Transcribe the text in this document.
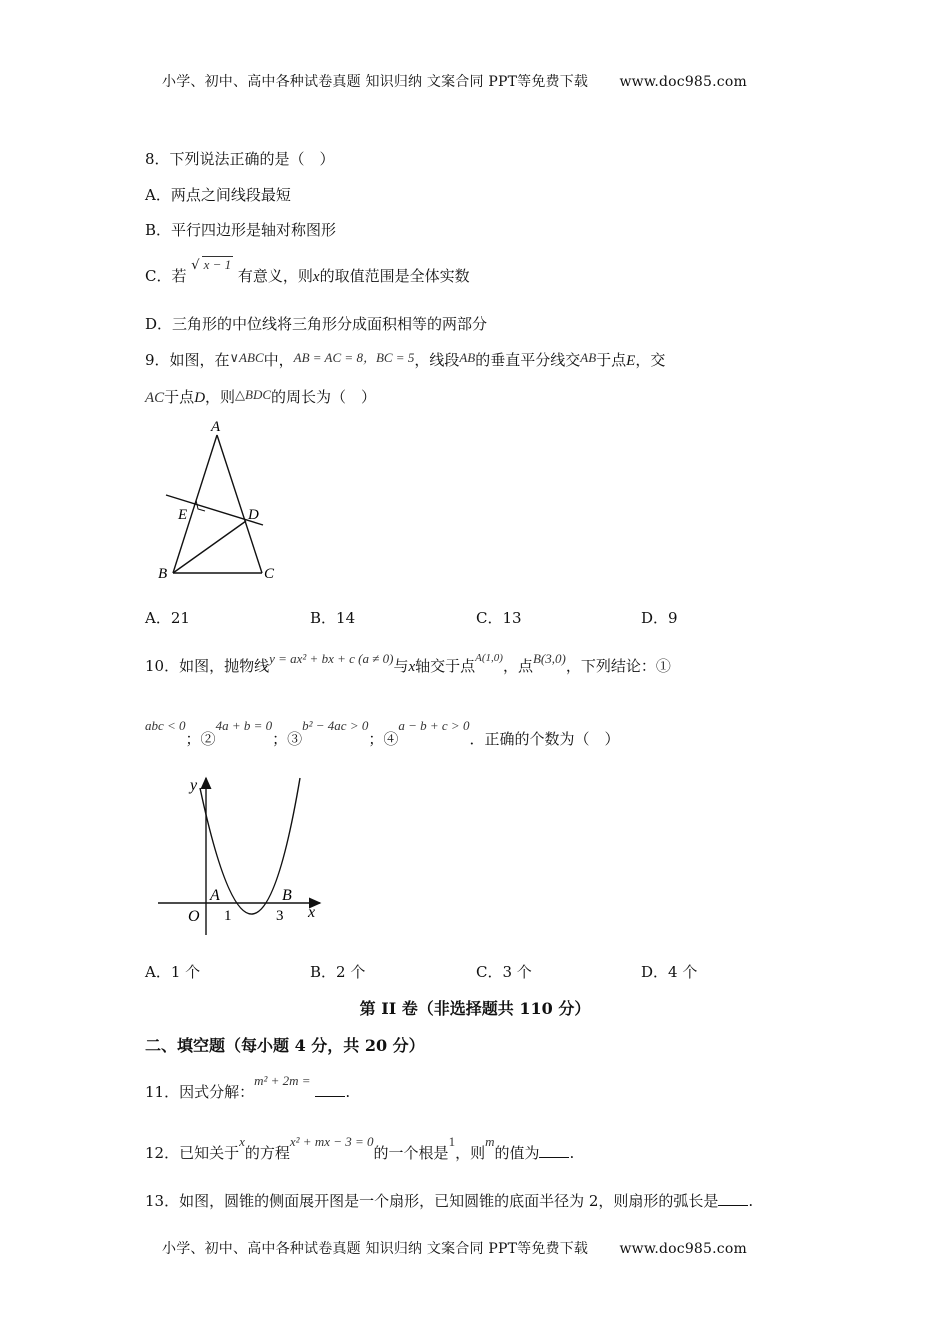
小学、初中、高中各种试卷真题 知识归纳 文案合同 PPT等免费下载 www.doc985.com
8．下列说法正确的是（　）
A．两点之间线段最短
B．平行四边形是轴对称图形
C．若 √ x − 1 有意义，则x的取值范围是全体实数
D．三角形的中位线将三角形分成面积相等的两部分
9．如图，在∨ABC中，AB = AC = 8，BC = 5，线段AB的垂直平分线交AB于点E，交
AC于点D，则△BDC的周长为（　）
A
B	C
D
E
A．21	B．14	C．13	D．9
10．如图，抛物线y = ax² + bx + c (a ≠ 0)与x轴交于点$^{A(1,0)}$，点B(3,0)，下列结论：①
abc < 0；②4a + b = 0；③b² − 4ac > 0；④a − b + c > 0．正确的个数为（　）
y
x
O
A	B
1	3
A．1 个	B．2 个	C．3 个	D．4 个
第 II 卷（非选择题共 110 分）
二、填空题（每小题 4 分，共 20 分）
11．因式分解：m² + 2m = .
12．已知关于x的方程x² + mx − 3 = 0的一个根是1，则m的值为 .
13．如图，圆锥的侧面展开图是一个扇形，已知圆锥的底面半径为 2，则扇形的弧长是 .
小学、初中、高中各种试卷真题 知识归纳 文案合同 PPT等免费下载 www.doc985.com
